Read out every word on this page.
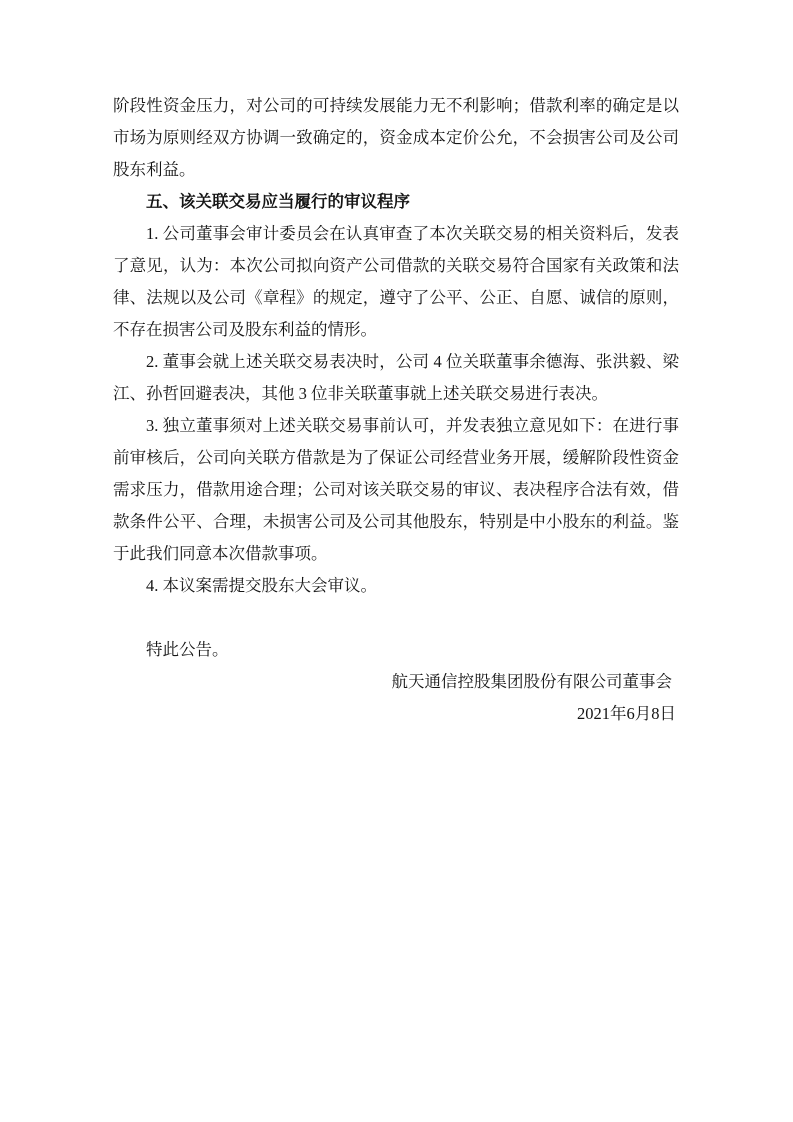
阶段性资金压力，对公司的可持续发展能力无不利影响；借款利率的确定是以市场为原则经双方协调一致确定的，资金成本定价公允，不会损害公司及公司股东利益。

五、该关联交易应当履行的审议程序

1. 公司董事会审计委员会在认真审查了本次关联交易的相关资料后，发表了意见，认为：本次公司拟向资产公司借款的关联交易符合国家有关政策和法律、法规以及公司《章程》的规定，遵守了公平、公正、自愿、诚信的原则，不存在损害公司及股东利益的情形。

2. 董事会就上述关联交易表决时，公司 4 位关联董事余德海、张洪毅、梁江、孙哲回避表决，其他 3 位非关联董事就上述关联交易进行表决。

3. 独立董事须对上述关联交易事前认可，并发表独立意见如下：在进行事前审核后，公司向关联方借款是为了保证公司经营业务开展，缓解阶段性资金需求压力，借款用途合理；公司对该关联交易的审议、表决程序合法有效，借款条件公平、合理，未损害公司及公司其他股东，特别是中小股东的利益。鉴于此我们同意本次借款事项。

4. 本议案需提交股东大会审议。

特此公告。

航天通信控股集团股份有限公司董事会

2021年6月8日
